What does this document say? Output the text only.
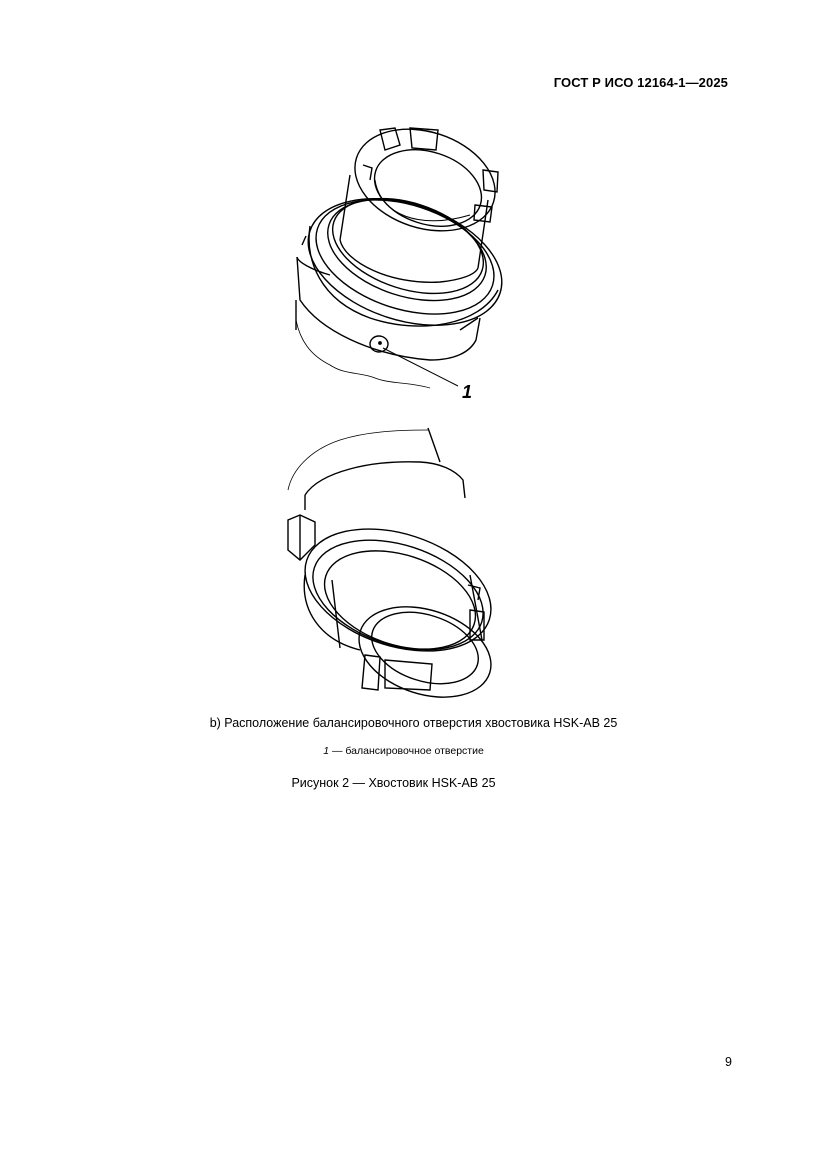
ГОСТ Р ИСО 12164-1—2025
1
b) Расположение балансировочного отверстия хвостовика HSK-AB 25
1 — балансировочное отверстие
Рисунок 2 — Хвостовик HSK-AB 25
9
